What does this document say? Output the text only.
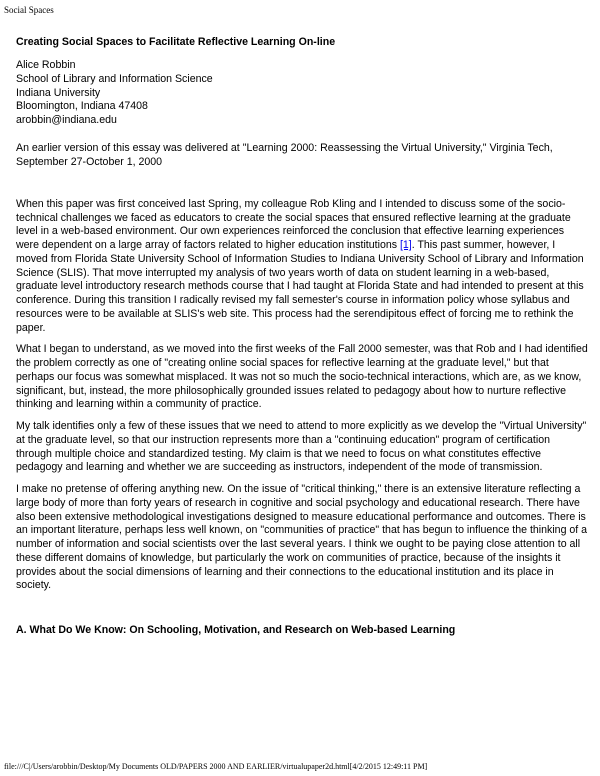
Social Spaces
Creating Social Spaces to Facilitate Reflective Learning On-line
Alice Robbin
School of Library and Information Science
Indiana University
Bloomington, Indiana 47408
arobbin@indiana.edu
An earlier version of this essay was delivered at "Learning 2000: Reassessing the Virtual University," Virginia Tech, September 27-October 1, 2000

When this paper was first conceived last Spring, my colleague Rob Kling and I intended to discuss some of the socio-technical challenges we faced as educators to create the social spaces that ensured reflective learning at the graduate level in a web-based environment. Our own experiences reinforced the conclusion that effective learning experiences were dependent on a large array of factors related to higher education institutions [1]. This past summer, however, I moved from Florida State University School of Information Studies to Indiana University School of Library and Information Science (SLIS). That move interrupted my analysis of two years worth of data on student learning in a web-based, graduate level introductory research methods course that I had taught at Florida State and had intended to present at this conference. During this transition I radically revised my fall semester's course in information policy whose syllabus and resources were to be available at SLIS's web site. This process had the serendipitous effect of forcing me to rethink the paper.

What I began to understand, as we moved into the first weeks of the Fall 2000 semester, was that Rob and I had identified the problem correctly as one of "creating online social spaces for reflective learning at the graduate level," but that perhaps our focus was somewhat misplaced. It was not so much the socio-technical interactions, which are, as we know, significant, but, instead, the more philosophically grounded issues related to pedagogy about how to nurture reflective thinking and learning within a community of practice.

My talk identifies only a few of these issues that we need to attend to more explicitly as we develop the "Virtual University" at the graduate level, so that our instruction represents more than a "continuing education" program of certification through multiple choice and standardized testing. My claim is that we need to focus on what constitutes effective pedagogy and learning and whether we are succeeding as instructors, independent of the mode of transmission.

I make no pretense of offering anything new. On the issue of "critical thinking," there is an extensive literature reflecting a large body of more than forty years of research in cognitive and social psychology and educational research. There have also been extensive methodological investigations designed to measure educational performance and outcomes. There is an important literature, perhaps less well known, on "communities of practice" that has begun to influence the thinking of a number of information and social scientists over the last several years. I think we ought to be paying close attention to all these different domains of knowledge, but particularly the work on communities of practice, because of the insights it provides about the social dimensions of learning and their connections to the educational institution and its place in society.

A. What Do We Know: On Schooling, Motivation, and Research on Web-based Learning
file:///C|/Users/arobbin/Desktop/My Documents OLD/PAPERS 2000 AND EARLIER/virtualupaper2d.html[4/2/2015 12:49:11 PM]
